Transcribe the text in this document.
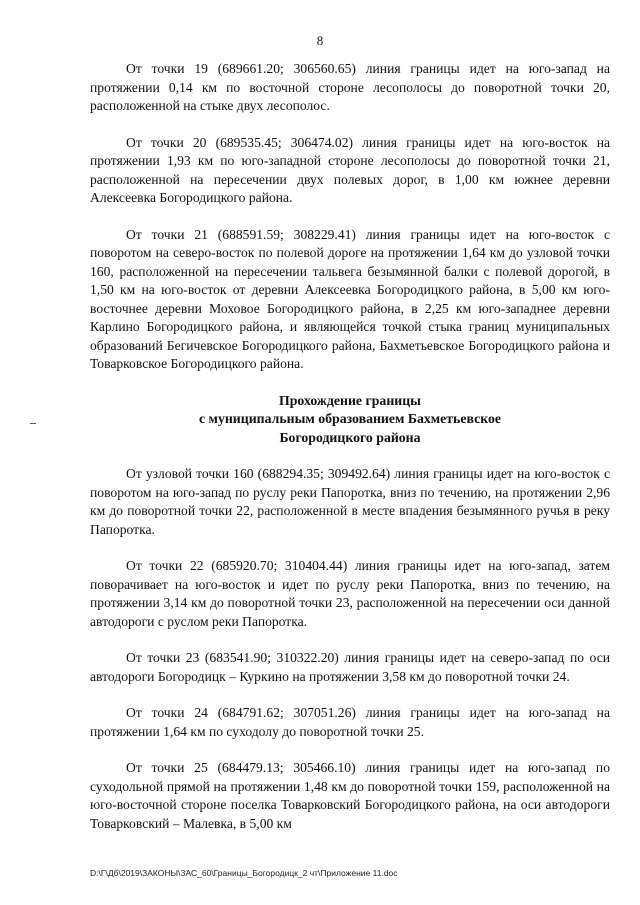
8

От точки 19 (689661.20; 306560.65) линия границы идет на юго-запад на протяжении 0,14 км по восточной стороне лесополосы до поворотной точки 20, расположенной на стыке двух лесополос.

От точки 20 (689535.45; 306474.02) линия границы идет на юго-восток на протяжении 1,93 км по юго-западной стороне лесополосы до поворотной точки 21, расположенной на пересечении двух полевых дорог, в 1,00 км южнее деревни Алексеевка Богородицкого района.

От точки 21 (688591.59; 308229.41) линия границы идет на юго-восток с поворотом на северо-восток по полевой дороге на протяжении 1,64 км до узловой точки 160, расположенной на пересечении тальвега безымянной балки с полевой дорогой, в 1,50 км на юго-восток от деревни Алексеевка Богородицкого района, в 5,00 км юго-восточнее деревни Моховое Богородицкого района, в 2,25 км юго-западнее деревни Карлино Богородицкого района, и являющейся точкой стыка границ муниципальных образований Бегичевское Богородицкого района, Бахметьевское Богородицкого района и Товарковское Богородицкого района.

Прохождение границы
с муниципальным образованием Бахметьевское
Богородицкого района

От узловой точки 160 (688294.35; 309492.64) линия границы идет на юго-восток с поворотом на юго-запад по руслу реки Папоротка, вниз по течению, на протяжении 2,96 км до поворотной точки 22, расположенной в месте впадения безымянного ручья в реку Папоротка.

От точки 22 (685920.70; 310404.44) линия границы идет на юго-запад, затем поворачивает на юго-восток и идет по руслу реки Папоротка, вниз по течению, на протяжении 3,14 км до поворотной точки 23, расположенной на пересечении оси данной автодороги с руслом реки Папоротка.

От точки 23 (683541.90; 310322.20) линия границы идет на северо-запад по оси автодороги Богородицк – Куркино на протяжении 3,58 км до поворотной точки 24.

От точки 24 (684791.62; 307051.26) линия границы идет на юго-запад на протяжении 1,64 км по суходолу до поворотной точки 25.

От точки 25 (684479.13; 305466.10) линия границы идет на юго-запад по суходольной прямой на протяжении 1,48 км до поворотной точки 159, расположенной на юго-восточной стороне поселка Товарковский Богородицкого района, на оси автодороги Товарковский – Малевка, в 5,00 км

D:\Г\Дб\2019\ЗАКОНЫ\ЗАС_60\Границы_Богородицк_2 чт\Приложение 11.doc
